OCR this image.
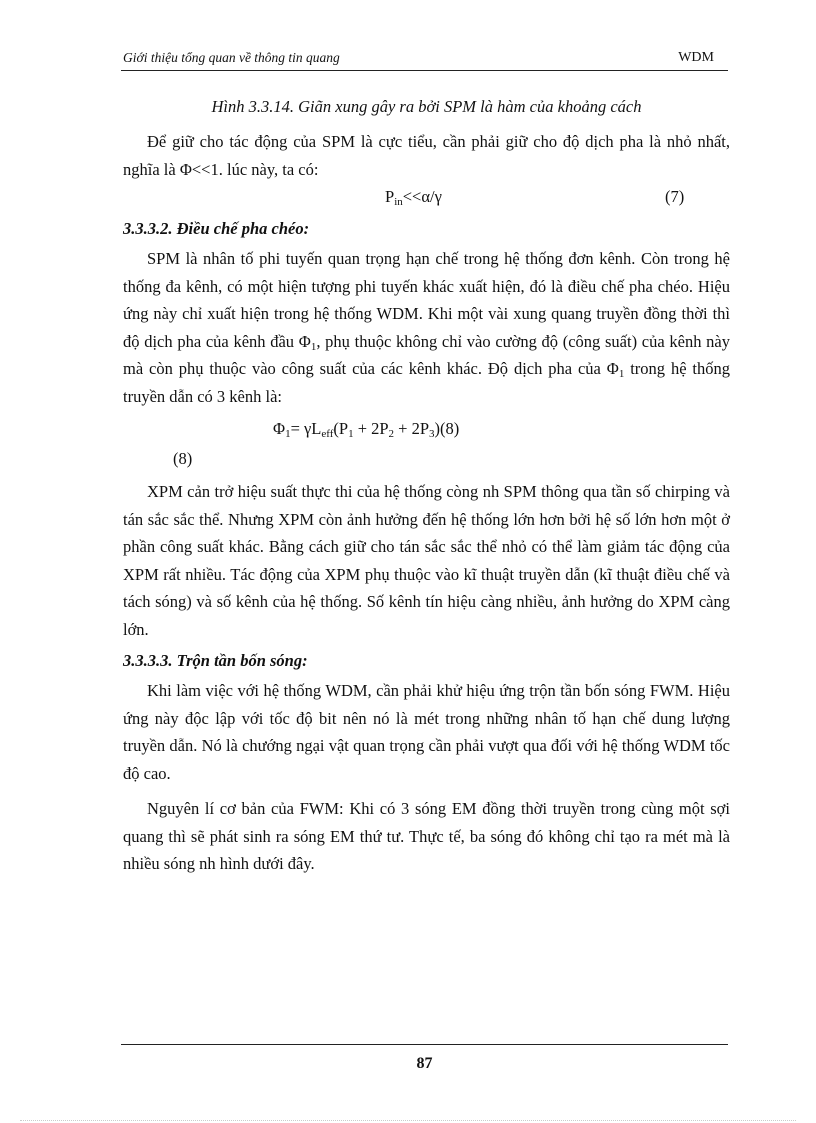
Giới thiệu tổng quan về thông tin quang	WDM
Hình 3.3.14. Giãn xung gây ra bởi SPM là hàm của khoảng cách

Để giữ cho tác động của SPM là cực tiểu, cần phải giữ cho độ dịch pha là nhỏ nhất, nghĩa là Φ<<1. lúc này, ta có:

$P_{in}<<\alpha/\gamma$	(7)
3.3.3.2. Điều chế pha chéo:

SPM là nhân tố phi tuyến quan trọng hạn chế trong hệ thống đơn kênh. Còn trong hệ thống đa kênh, có một hiện tượng phi tuyến khác xuất hiện, đó là điều chế pha chéo. Hiệu ứng này chỉ xuất hiện trong hệ thống WDM. Khi một vài xung quang truyền đồng thời thì độ dịch pha của kênh đầu $\Phi_1$, phụ thuộc không chỉ vào cường độ (công suất) của kênh này mà còn phụ thuộc vào công suất của các kênh khác. Độ dịch pha của $\Phi_1$ trong hệ thống truyền dẫn có 3 kênh là:

$\Phi_1= \gamma L_{eff}(P_1 + 2P_2 + 2P_3)(8)$
(8)

XPM cản trở hiệu suất thực thi của hệ thống còng nh SPM thông qua tần số chirping và tán sắc sắc thể. Nhưng XPM còn ảnh hưởng đến hệ thống lớn hơn bởi hệ số lớn hơn một ở phần công suất khác. Bằng cách giữ cho tán sắc sắc thể nhỏ có thể làm giảm tác động của XPM rất nhiều. Tác động của XPM phụ thuộc vào kĩ thuật truyền dẫn (kĩ thuật điều chế và tách sóng) và số kênh của hệ thống. Số kênh tín hiệu càng nhiều, ảnh hưởng do XPM càng lớn.

3.3.3.3. Trộn tần bốn sóng:

Khi làm việc với hệ thống WDM, cần phải khử hiệu ứng trộn tần bốn sóng FWM. Hiệu ứng này độc lập với tốc độ bit nên nó là mét trong những nhân tố hạn chế dung lượng truyền dẫn. Nó là chướng ngại vật quan trọng cần phải vượt qua đối với hệ thống WDM tốc độ cao.

Nguyên lí cơ bản của FWM: Khi có 3 sóng EM đồng thời truyền trong cùng một sợi quang thì sẽ phát sinh ra sóng EM thứ tư. Thực tế, ba sóng đó không chỉ tạo ra mét mà là nhiều sóng nh hình dưới đây.

87
